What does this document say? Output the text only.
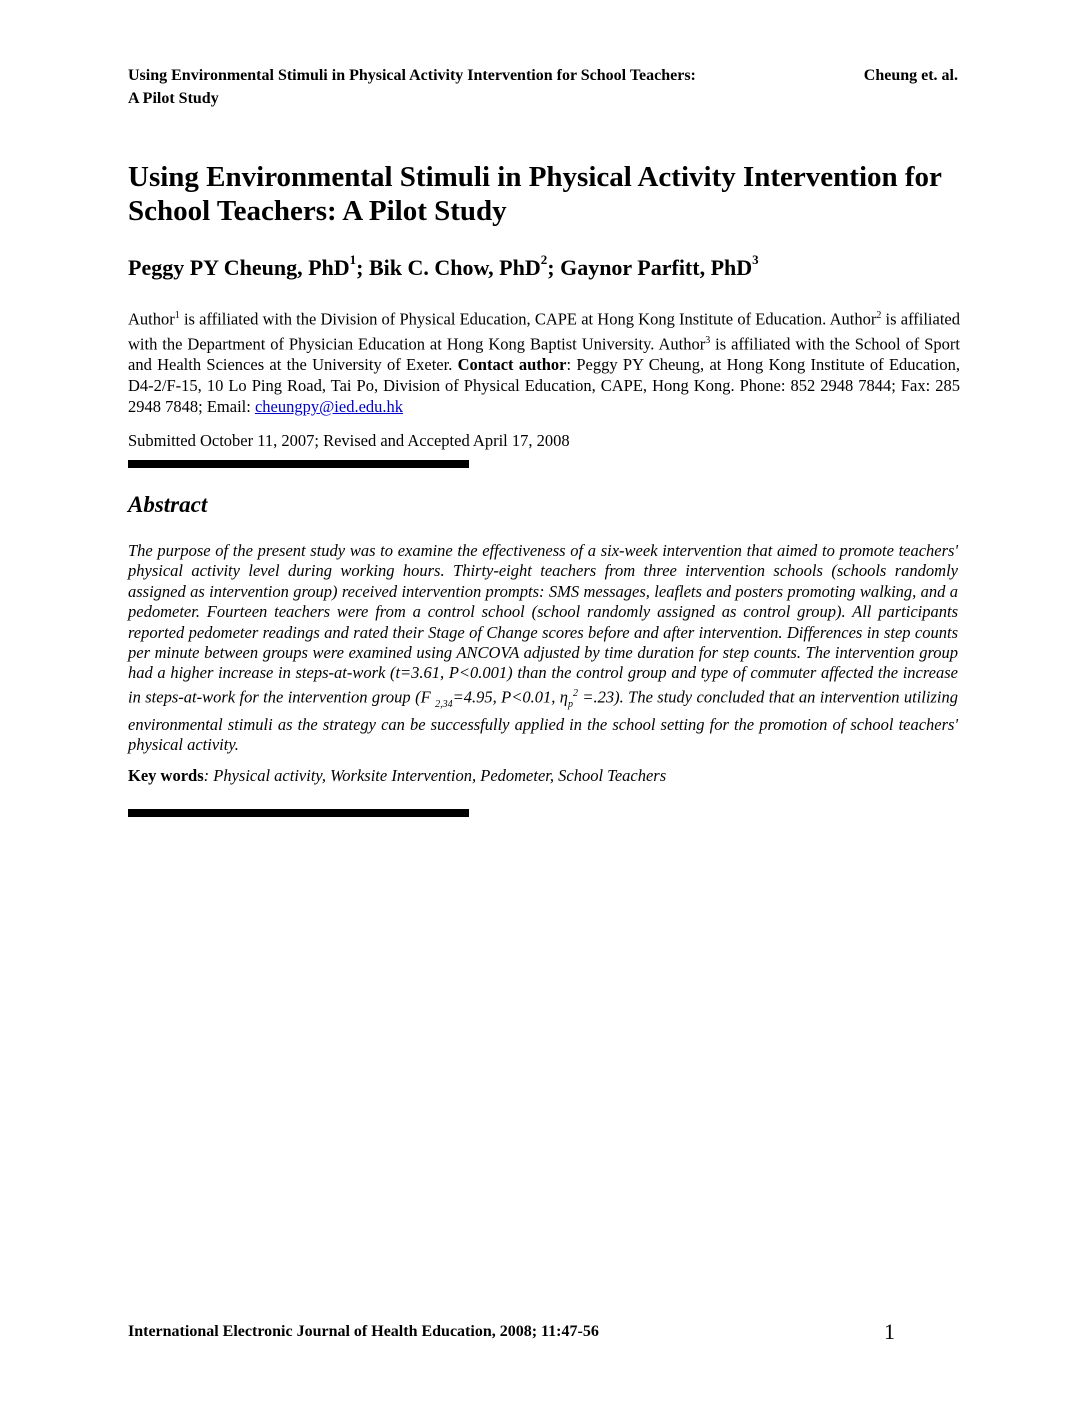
Using Environmental Stimuli in Physical Activity Intervention for School Teachers:
A Pilot Study
Cheung et. al.
Using Environmental Stimuli in Physical Activity Intervention for School Teachers: A Pilot Study

Peggy PY Cheung, PhD$^1$; Bik C. Chow, PhD$^2$; Gaynor Parfitt, PhD$^3$

Author$^1$ is affiliated with the Division of Physical Education, CAPE at Hong Kong Institute of Education. Author$^2$ is affiliated with the Department of Physician Education at Hong Kong Baptist University. Author$^3$ is affiliated with the School of Sport and Health Sciences at the University of Exeter. Contact author: Peggy PY Cheung, at Hong Kong Institute of Education, D4-2/F-15, 10 Lo Ping Road, Tai Po, Division of Physical Education, CAPE, Hong Kong. Phone: 852 2948 7844; Fax: 285 2948 7848; Email: cheungpy@ied.edu.hk

Submitted October 11, 2007; Revised and Accepted April 17, 2008

Abstract

The purpose of the present study was to examine the effectiveness of a six-week intervention that aimed to promote teachers' physical activity level during working hours. Thirty-eight teachers from three intervention schools (schools randomly assigned as intervention group) received intervention prompts: SMS messages, leaflets and posters promoting walking, and a pedometer. Fourteen teachers were from a control school (school randomly assigned as control group). All participants reported pedometer readings and rated their Stage of Change scores before and after intervention. Differences in step counts per minute between groups were examined using ANCOVA adjusted by time duration for step counts. The intervention group had a higher increase in steps-at-work (t=3.61, P<0.001) than the control group and type of commuter affected the increase in steps-at-work for the intervention group (F $_{2,34}$=4.95, P<0.01, $\eta_p^2 =.23$). The study concluded that an intervention utilizing environmental stimuli as the strategy can be successfully applied in the school setting for the promotion of school teachers' physical activity.

Key words: Physical activity, Worksite Intervention, Pedometer, School Teachers

International Electronic Journal of Health Education, 2008; 11:47-56	1
